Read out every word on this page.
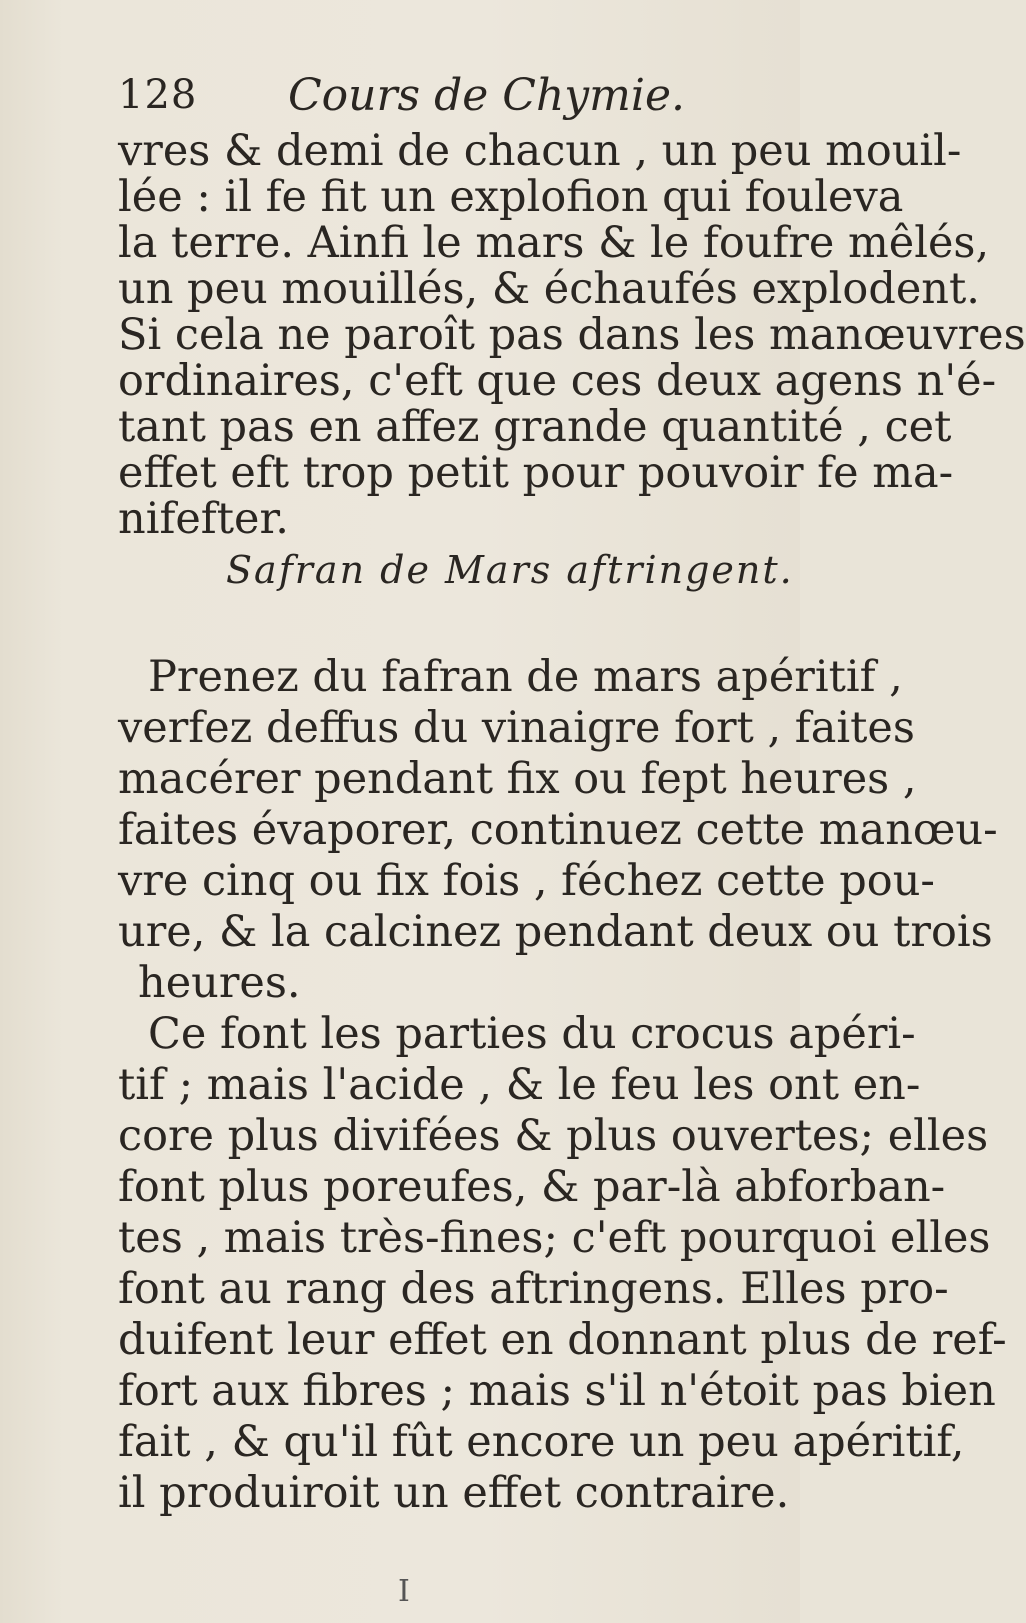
128 Cours de Chymie.
vres & demi de chacun , un peu mouil-
lée : il fe fit un explofion qui fouleva
la terre. Ainfi le mars & le foufre mêlés,
un peu mouillés, & échaufés explodent.
Si cela ne paroît pas dans les manœuvres
ordinaires, c'eft que ces deux agens n'é-
tant pas en affez grande quantité , cet
effet eft trop petit pour pouvoir fe ma-
nifefter.
Safran de Mars aftringent.
Prenez du fafran de mars apéritif ,
verfez deffus du vinaigre fort , faites
macérer pendant fix ou fept heures ,
faites évaporer, continuez cette manœu-
vre cinq ou fix fois , féchez cette pou-
ure, & la calcinez pendant deux ou trois
heures.
Ce font les parties du crocus apéri-
tif ; mais l'acide , & le feu les ont en-
core plus divifées & plus ouvertes; elles
font plus poreufes, & par-là abforban-
tes , mais très-fines; c'eft pourquoi elles
font au rang des aftringens. Elles pro-
duifent leur effet en donnant plus de ref-
fort aux fibres ; mais s'il n'étoit pas bien
fait , & qu'il fût encore un peu apéritif,
il produiroit un effet contraire.
I
